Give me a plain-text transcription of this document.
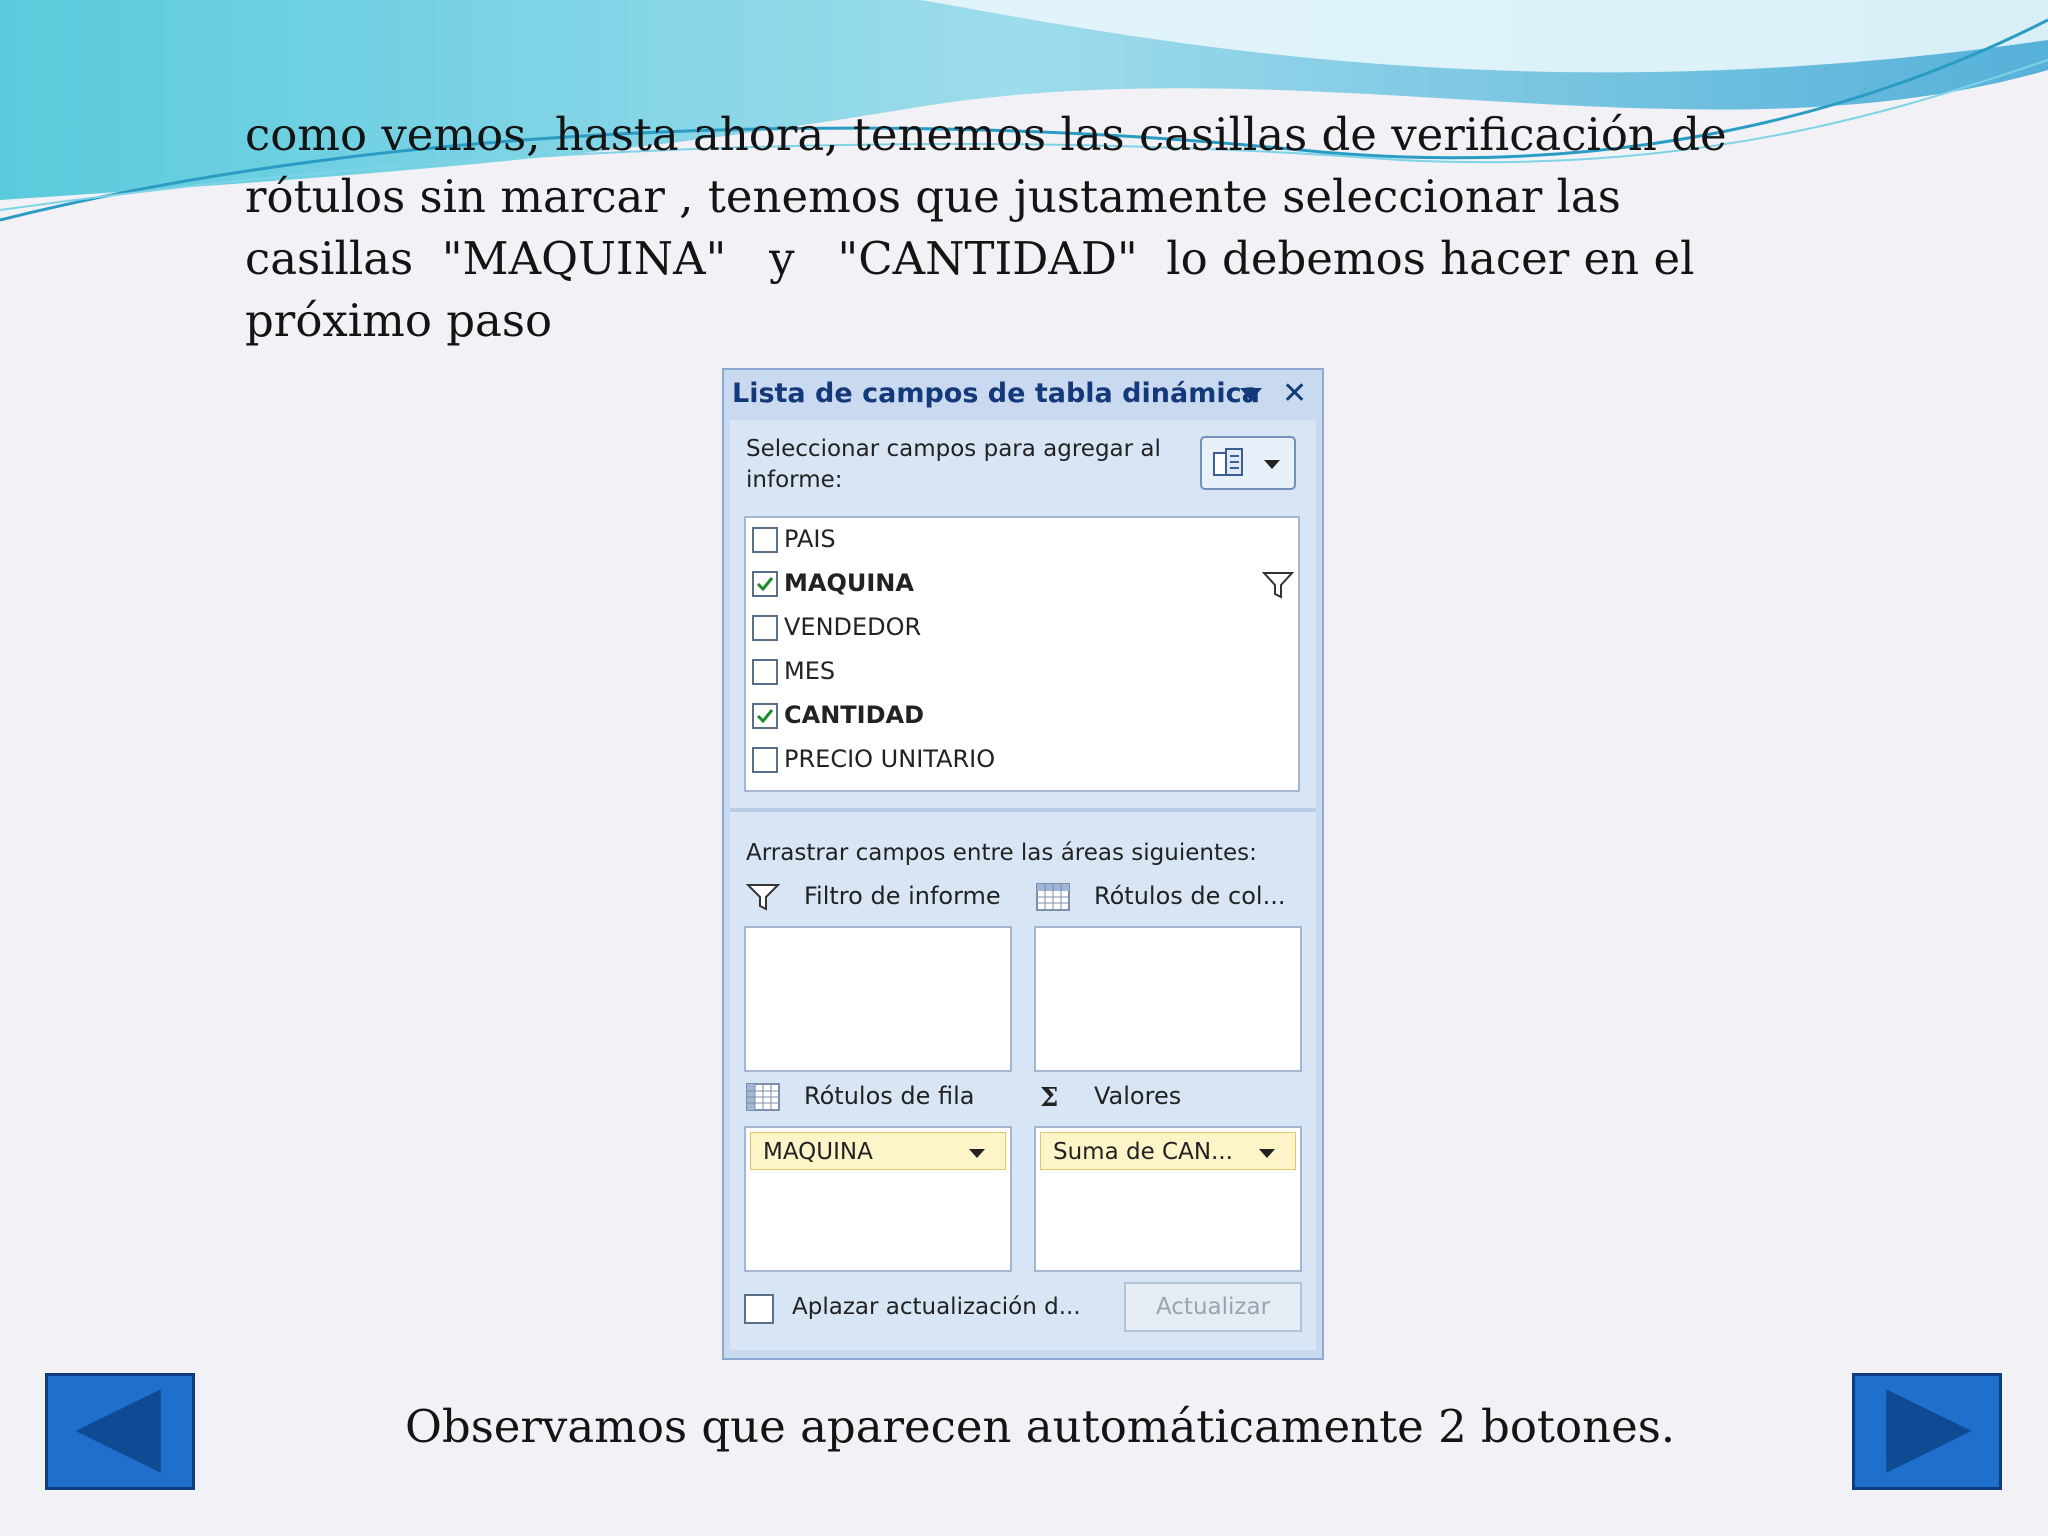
como vemos, hasta ahora, tenemos las casillas de verificación de
rótulos sin marcar , tenemos que justamente seleccionar las
casillas  "MAQUINA"   y   "CANTIDAD"  lo debemos hacer en el
próximo paso
Lista de campos de tabla dinámica ✕
Seleccionar campos para agregar al informe:
PAIS
MAQUINA
VENDEDOR
MES
CANTIDAD
PRECIO UNITARIO
Arrastrar campos entre las áreas siguientes:
Filtro de informe	Rótulos de col...
Rótulos de fila	Σ Valores
MAQUINA	Suma de CAN...
Aplazar actualización d...	Actualizar
Observamos que aparecen automáticamente 2 botones.
